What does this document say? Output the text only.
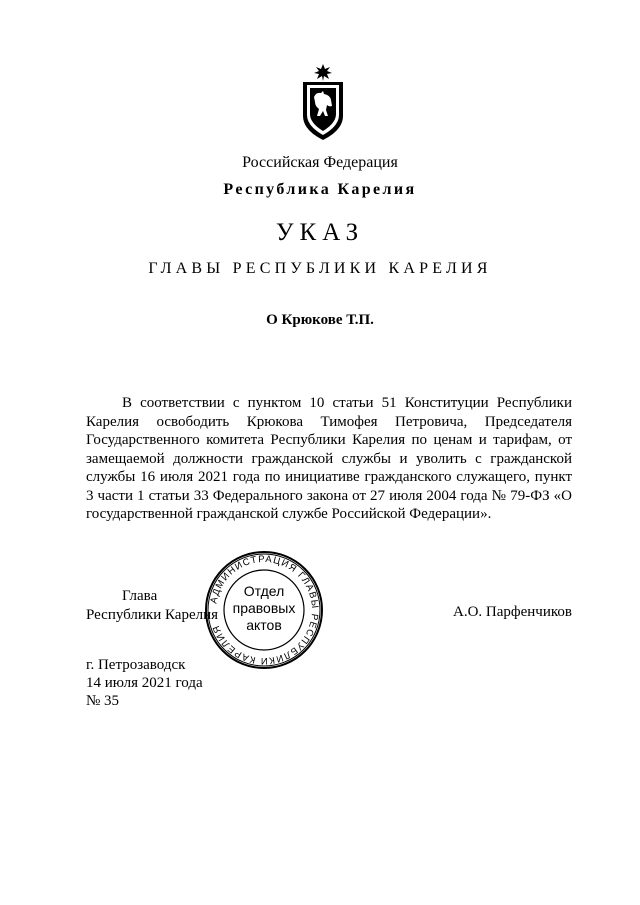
Российская Федерация
Республика Карелия
УКАЗ
ГЛАВЫ РЕСПУБЛИКИ КАРЕЛИЯ
О Крюкове Т.П.

В соответствии с пунктом 10 статьи 51 Конституции Республики Карелия освободить Крюкова Тимофея Петровича, Председателя Государственного комитета Республики Карелия по ценам и тарифам, от замещаемой должности гражданской службы и уволить с гражданской службы 16 июля 2021 года по инициативе гражданского служащего, пункт 3 части 1 статьи 33 Федерального закона от 27 июля 2004 года № 79-ФЗ «О государственной гражданской службе Российской Федерации».

Глава
Республики Карелия	А.О. Парфенчиков
АДМИНИСТРАЦИЯ ГЛАВЫ РЕСПУБЛИКИ КАРЕЛИЯ
Отдел
правовых
актов
г. Петрозаводск
14 июля 2021 года
№ 35
